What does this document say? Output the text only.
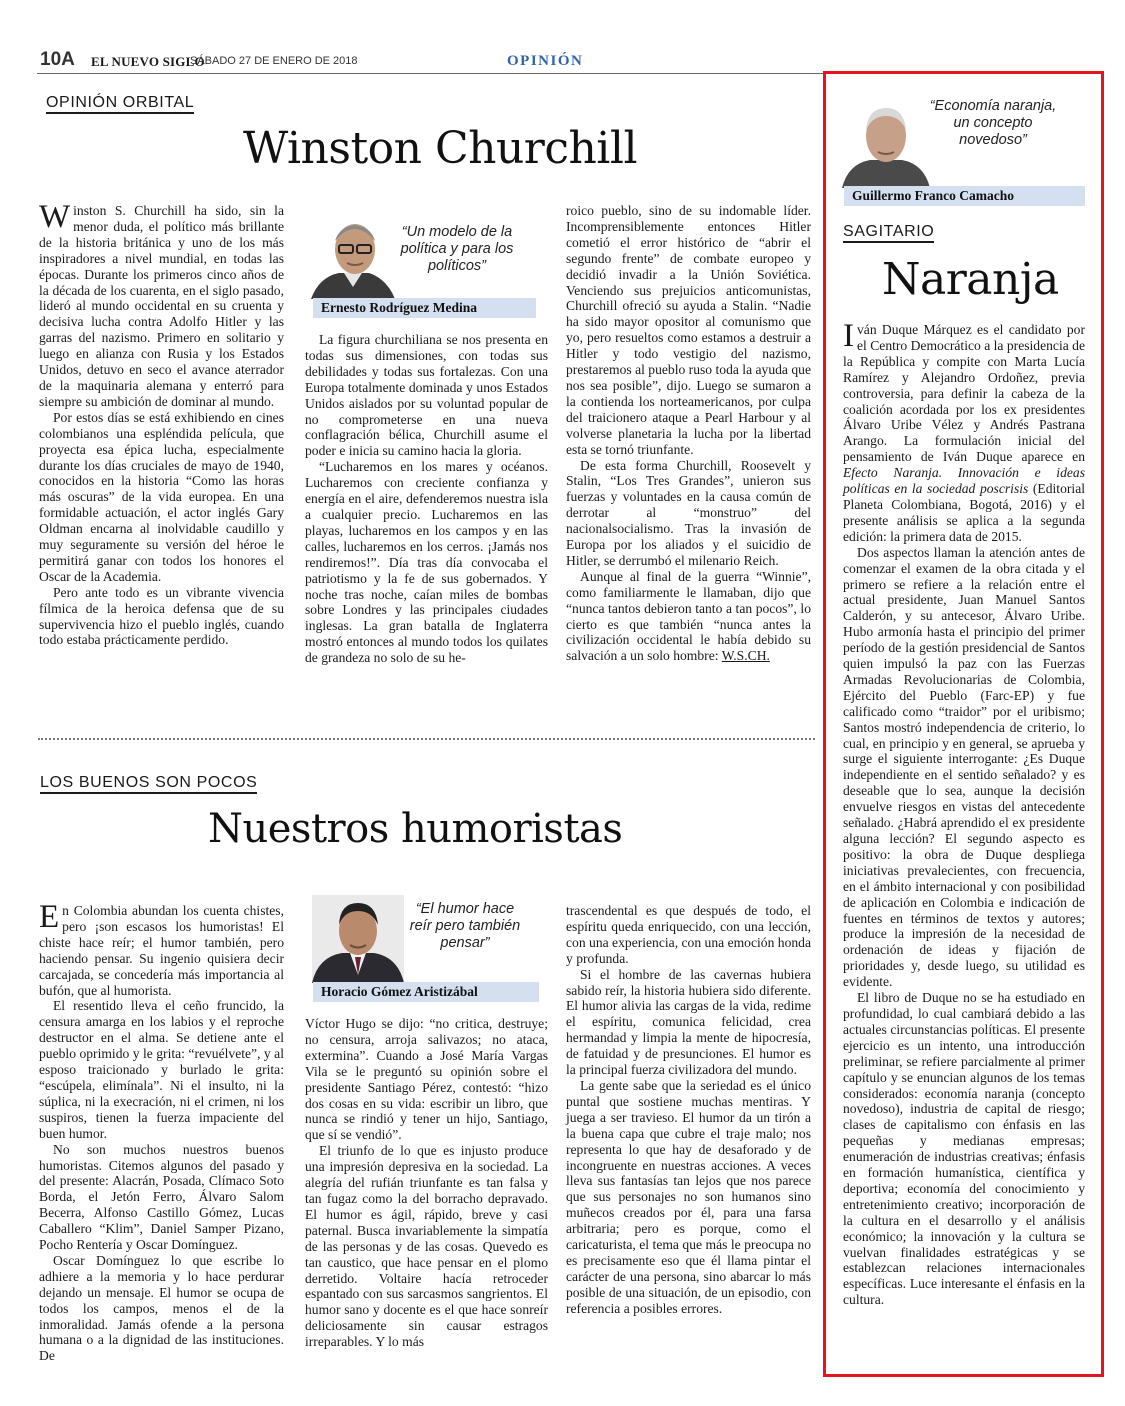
10A EL NUEVO SIGLO
SÁBADO 27 DE ENERO DE 2018	OPINIÓN
OPINIÓN ORBITAL
Winston Churchill

Winston S. Churchill ha sido, sin la menor duda, el político más brillante de la historia británica y uno de los más inspiradores a nivel mundial, en todas las épocas. Durante los primeros cinco años de la década de los cuarenta, en el siglo pasado, lideró al mundo occidental en su cruenta y decisiva lucha contra Adolfo Hitler y las garras del nazismo. Primero en solitario y luego en alianza con Rusia y los Estados Unidos, detuvo en seco el avance aterrador de la maquinaria alemana y enterró para siempre su ambición de dominar al mundo.

Por estos días se está exhibiendo en cines colombianos una espléndida película, que proyecta esa épica lucha, especialmente durante los días cruciales de mayo de 1940, conocidos en la historia “Como las horas más oscuras” de la vida europea. En una formidable actuación, el actor inglés Gary Oldman encarna al inolvidable caudillo y muy seguramente su versión del héroe le permitirá ganar con todos los honores el Oscar de la Academia.

Pero ante todo es un vibrante vivencia fílmica de la heroica defensa que de su supervivencia hizo el pueblo inglés, cuando todo estaba prácticamente perdido.

“Un modelo de la política y para los políticos”
Ernesto Rodríguez Medina

La figura churchiliana se nos presenta en todas sus dimensiones, con todas sus debilidades y todas sus fortalezas. Con una Europa totalmente dominada y unos Estados Unidos aislados por su voluntad popular de no comprometerse en una nueva conflagración bélica, Churchill asume el poder e inicia su camino hacia la gloria.

“Lucharemos en los mares y océanos. Lucharemos con creciente confianza y energía en el aire, defenderemos nuestra isla a cualquier precio. Lucharemos en las playas, lucharemos en los campos y en las calles, lucharemos en los cerros. ¡Jamás nos rendiremos!”. Día tras día convocaba el patriotismo y la fe de sus gobernados. Y noche tras noche, caían miles de bombas sobre Londres y las principales ciudades inglesas. La gran batalla de Inglaterra mostró entonces al mundo todos los quilates de grandeza no solo de su he-

roico pueblo, sino de su indomable líder. Incomprensiblemente entonces Hitler cometió el error histórico de “abrir el segundo frente” de combate europeo y decidió invadir a la Unión Soviética. Venciendo sus prejuicios anticomunistas, Churchill ofreció su ayuda a Stalin. “Nadie ha sido mayor opositor al comunismo que yo, pero resueltos como estamos a destruir a Hitler y todo vestigio del nazismo, prestaremos al pueblo ruso toda la ayuda que nos sea posible”, dijo. Luego se sumaron a la contienda los norteamericanos, por culpa del traicionero ataque a Pearl Harbour y al volverse planetaria la lucha por la libertad esta se tornó triunfante.

De esta forma Churchill, Roosevelt y Stalin, “Los Tres Grandes”, unieron sus fuerzas y voluntades en la causa común de derrotar al “monstruo” del nacionalsocialismo. Tras la invasión de Europa por los aliados y el suicidio de Hitler, se derrumbó el milenario Reich.

Aunque al final de la guerra “Winnie”, como familiarmente le llamaban, dijo que “nunca tantos debieron tanto a tan pocos”, lo cierto es que también “nunca antes la civilización occidental le había debido su salvación a un solo hombre: W.S.CH.

LOS BUENOS SON POCOS
Nuestros humoristas

En Colombia abundan los cuenta chistes, pero ¡son escasos los humoristas! El chiste hace reír; el humor también, pero haciendo pensar. Su ingenio quisiera decir carcajada, se concedería más importancia al bufón, que al humorista.

El resentido lleva el ceño fruncido, la censura amarga en los labios y el reproche destructor en el alma. Se detiene ante el pueblo oprimido y le grita: “revuélvete”, y al esposo traicionado y burlado le grita: “escúpela, elimínala”. Ni el insulto, ni la súplica, ni la execración, ni el crimen, ni los suspiros, tienen la fuerza impaciente del buen humor.

No son muchos nuestros buenos humoristas. Citemos algunos del pasado y del presente: Alacrán, Posada, Clímaco Soto Borda, el Jetón Ferro, Álvaro Salom Becerra, Alfonso Castillo Gómez, Lucas Caballero “Klim”, Daniel Samper Pizano, Pocho Rentería y Oscar Domínguez.

Oscar Domínguez lo que escribe lo adhiere a la memoria y lo hace perdurar dejando un mensaje. El humor se ocupa de todos los campos, menos el de la inmoralidad. Jamás ofende a la persona humana o a la dignidad de las instituciones. De

“El humor hace reír pero también pensar”
Horacio Gómez Aristizábal

Víctor Hugo se dijo: “no critica, destruye; no censura, arroja salivazos; no ataca, extermina”. Cuando a José María Vargas Vila se le preguntó su opinión sobre el presidente Santiago Pérez, contestó: “hizo dos cosas en su vida: escribir un libro, que nunca se rindió y tener un hijo, Santiago, que sí se vendió”.

El triunfo de lo que es injusto produce una impresión depresiva en la sociedad. La alegría del rufián triunfante es tan falsa y tan fugaz como la del borracho depravado. El humor es ágil, rápido, breve y casi paternal. Busca invariablemente la simpatía de las personas y de las cosas. Quevedo es tan caustico, que hace pensar en el plomo derretido. Voltaire hacía retroceder espantado con sus sarcasmos sangrientos. El humor sano y docente es el que hace sonreír deliciosamente sin causar estragos irreparables. Y lo más

trascendental es que después de todo, el espíritu queda enriquecido, con una lección, con una experiencia, con una emoción honda y profunda.

Si el hombre de las cavernas hubiera sabido reír, la historia hubiera sido diferente. El humor alivia las cargas de la vida, redime el espíritu, comunica felicidad, crea hermandad y limpia la mente de hipocresía, de fatuidad y de presunciones. El humor es la principal fuerza civilizadora del mundo.

La gente sabe que la seriedad es el único puntal que sostiene muchas mentiras. Y juega a ser travieso. El humor da un tirón a la buena capa que cubre el traje malo; nos representa lo que hay de desaforado y de incongruente en nuestras acciones. A veces lleva sus fantasías tan lejos que nos parece que sus personajes no son humanos sino muñecos creados por él, para una farsa arbitraria; pero es porque, como el caricaturista, el tema que más le preocupa no es precisamente eso que él llama pintar el carácter de una persona, sino abarcar lo más posible de una situación, de un episodio, con referencia a posibles errores.

“Economía naranja, un concepto novedoso”
Guillermo Franco Camacho
SAGITARIO
Naranja

Iván Duque Márquez es el candidato por el Centro Democrático a la presidencia de la República y compite con Marta Lucía Ramírez y Alejandro Ordoñez, previa controversia, para definir la cabeza de la coalición acordada por los ex presidentes Álvaro Uribe Vélez y Andrés Pastrana Arango. La formulación inicial del pensamiento de Iván Duque aparece en Efecto Naranja. Innovación e ideas políticas en la sociedad poscrisis (Editorial Planeta Colombiana, Bogotá, 2016) y el presente análisis se aplica a la segunda edición: la primera data de 2015.

Dos aspectos llaman la atención antes de comenzar el examen de la obra citada y el primero se refiere a la relación entre el actual presidente, Juan Manuel Santos Calderón, y su antecesor, Álvaro Uribe. Hubo armonía hasta el principio del primer período de la gestión presidencial de Santos quien impulsó la paz con las Fuerzas Armadas Revolucionarias de Colombia, Ejército del Pueblo (Farc-EP) y fue calificado como “traidor” por el uribismo; Santos mostró independencia de criterio, lo cual, en principio y en general, se aprueba y surge el siguiente interrogante: ¿Es Duque independiente en el sentido señalado? y es deseable que lo sea, aunque la decisión envuelve riesgos en vistas del antecedente señalado. ¿Habrá aprendido el ex presidente alguna lección? El segundo aspecto es positivo: la obra de Duque despliega iniciativas prevalecientes, con frecuencia, en el ámbito internacional y con posibilidad de aplicación en Colombia e indicación de fuentes en términos de textos y autores; produce la impresión de la necesidad de ordenación de ideas y fijación de prioridades y, desde luego, su utilidad es evidente.

El libro de Duque no se ha estudiado en profundidad, lo cual cambiará debido a las actuales circunstancias políticas. El presente ejercicio es un intento, una introducción preliminar, se refiere parcialmente al primer capítulo y se enuncian algunos de los temas considerados: economía naranja (concepto novedoso), industria de capital de riesgo; clases de capitalismo con énfasis en las pequeñas y medianas empresas; enumeración de industrias creativas; énfasis en formación humanística, científica y deportiva; economía del conocimiento y entretenimiento creativo; incorporación de la cultura en el desarrollo y el análisis económico; la innovación y la cultura se vuelvan finalidades estratégicas y se establezcan relaciones internacionales específicas. Luce interesante el énfasis en la cultura.
